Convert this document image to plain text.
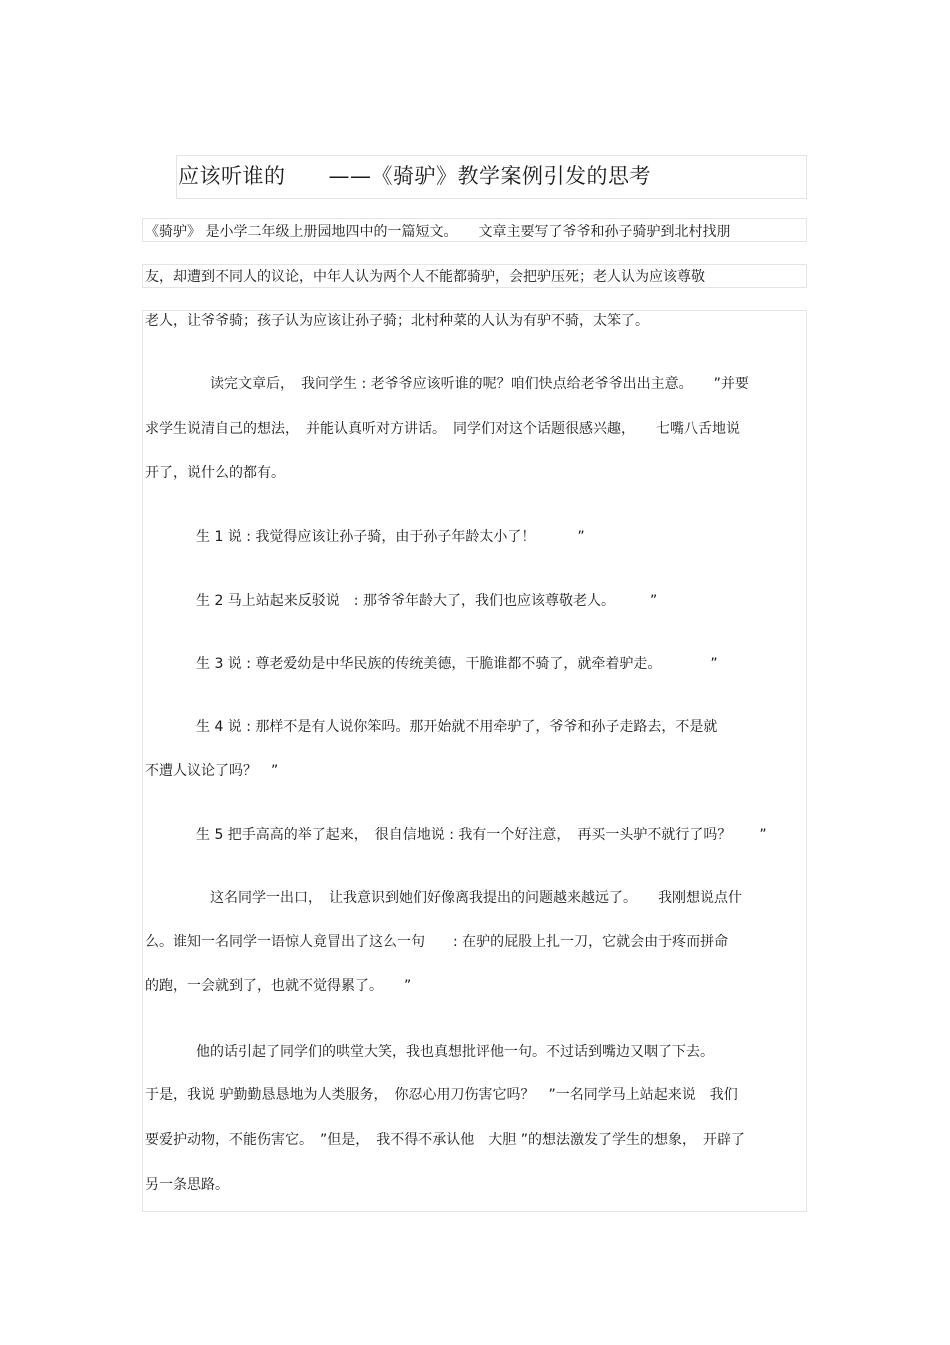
应该听谁的　　——《骑驴》教学案例引发的思考
《骑驴》 是小学二年级上册园地四中的一篇短文。　　文章主要写了爷爷和孙子骑驴到北村找朋
友，却遭到不同人的议论，中年人认为两个人不能都骑驴，会把驴压死；老人认为应该尊敬
老人，让爷爷骑；孩子认为应该让孙子骑；北村种菜的人认为有驴不骑，太笨了。
读完文章后，　我问学生 : 老爷爷应该听谁的呢？咱们快点给老爷爷出出主意。　　”并要
求学生说清自己的想法，　并能认真听对方讲话。　同学们对这个话题很感兴趣，　　七嘴八舌地说
开了，说什么的都有。
生 1 说 : 我觉得应该让孙子骑，由于孙子年龄太小了！　　　”
生 2 马上站起来反驳说　: 那爷爷年龄大了，我们也应该尊敬老人。　　　”
生 3 说 : 尊老爱幼是中华民族的传统美德，干脆谁都不骑了，就牵着驴走。　　　　”
生 4 说 : 那样不是有人说你笨吗。那开始就不用牵驴了，爷爷和孙子走路去，不是就
不遭人议论了吗？　”
生 5 把手高高的举了起来，　很自信地说 : 我有一个好注意，　再买一头驴不就行了吗？　　”
这名同学一出口，　让我意识到她们好像离我提出的问题越来越远了。　　我刚想说点什
么。谁知一名同学一语惊人竟冒出了这么一句　　: 在驴的屁股上扎一刀，它就会由于疼而拼命
的跑，一会就到了，也就不觉得累了。　　”
他的话引起了同学们的哄堂大笑，我也真想批评他一句。不过话到嘴边又咽了下去。
于是，我说 驴勤勤恳恳地为人类服务，　你忍心用刀伤害它吗？　”一名同学马上站起来说　我们
要爱护动物，不能伤害它。　”但是，　我不得不承认他　大胆 ”的想法激发了学生的想象，　开辟了
另一条思路。
